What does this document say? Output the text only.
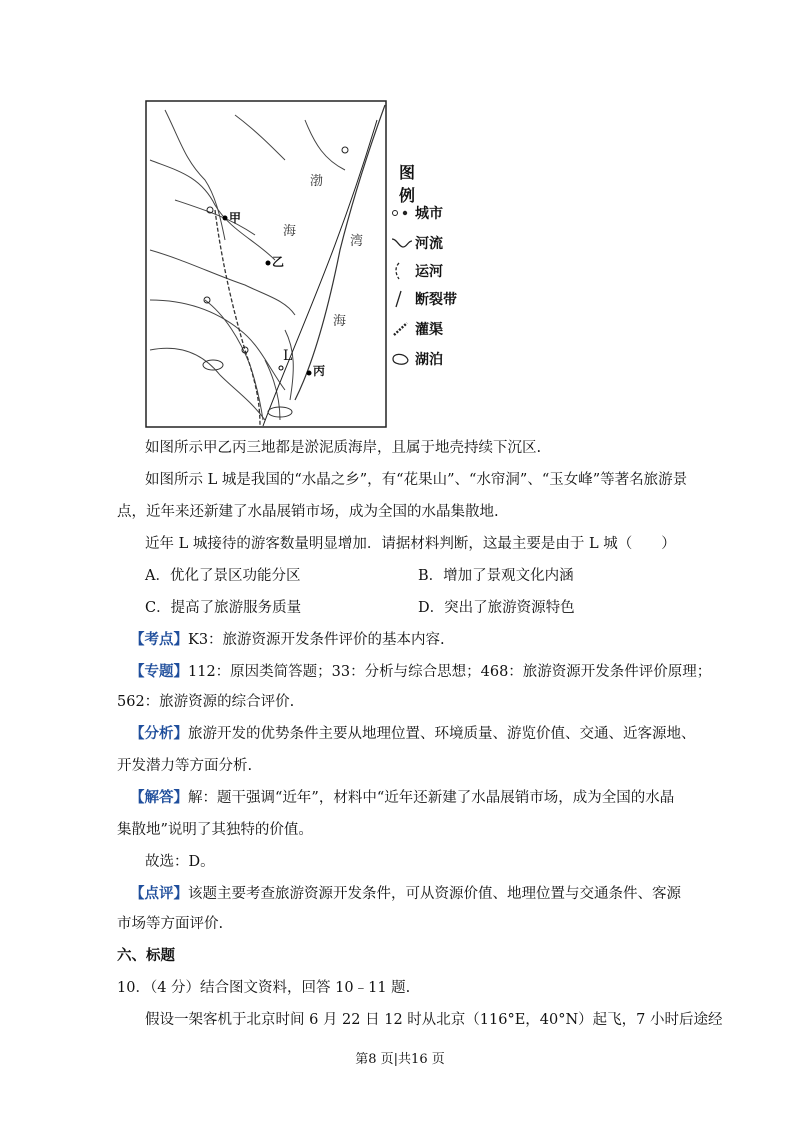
甲
乙
丙
L
渤
海
湾
海
图 例
城市
河流
运河
断裂带
灌渠
湖泊
如图所示甲乙丙三地都是淤泥质海岸，且属于地壳持续下沉区.
如图所示 L 城是我国的“水晶之乡”，有“花果山”、“水帘洞”、“玉女峰”等著名旅游景
点，近年来还新建了水晶展销市场，成为全国的水晶集散地.
近年 L 城接待的游客数量明显增加．请据材料判断，这最主要是由于 L 城（　　）
A．优化了景区功能分区	B．增加了景观文化内涵
C．提高了旅游服务质量	D．突出了旅游资源特色
【考点】K3：旅游资源开发条件评价的基本内容.
【专题】112：原因类简答题；33：分析与综合思想；468：旅游资源开发条件评价原理；
562：旅游资源的综合评价.
【分析】旅游开发的优势条件主要从地理位置、环境质量、游览价值、交通、近客源地、
开发潜力等方面分析.
【解答】解：题干强调“近年”，材料中“近年还新建了水晶展销市场，成为全国的水晶
集散地”说明了其独特的价值。
故选：D。
【点评】该题主要考查旅游资源开发条件，可从资源价值、地理位置与交通条件、客源
市场等方面评价.
六、标题
10．（4 分）结合图文资料，回答 10﹣11 题.
假设一架客机于北京时间 6 月 22 日 12 时从北京（116°E，40°N）起飞，7 小时后途经
第8 页|共16 页
